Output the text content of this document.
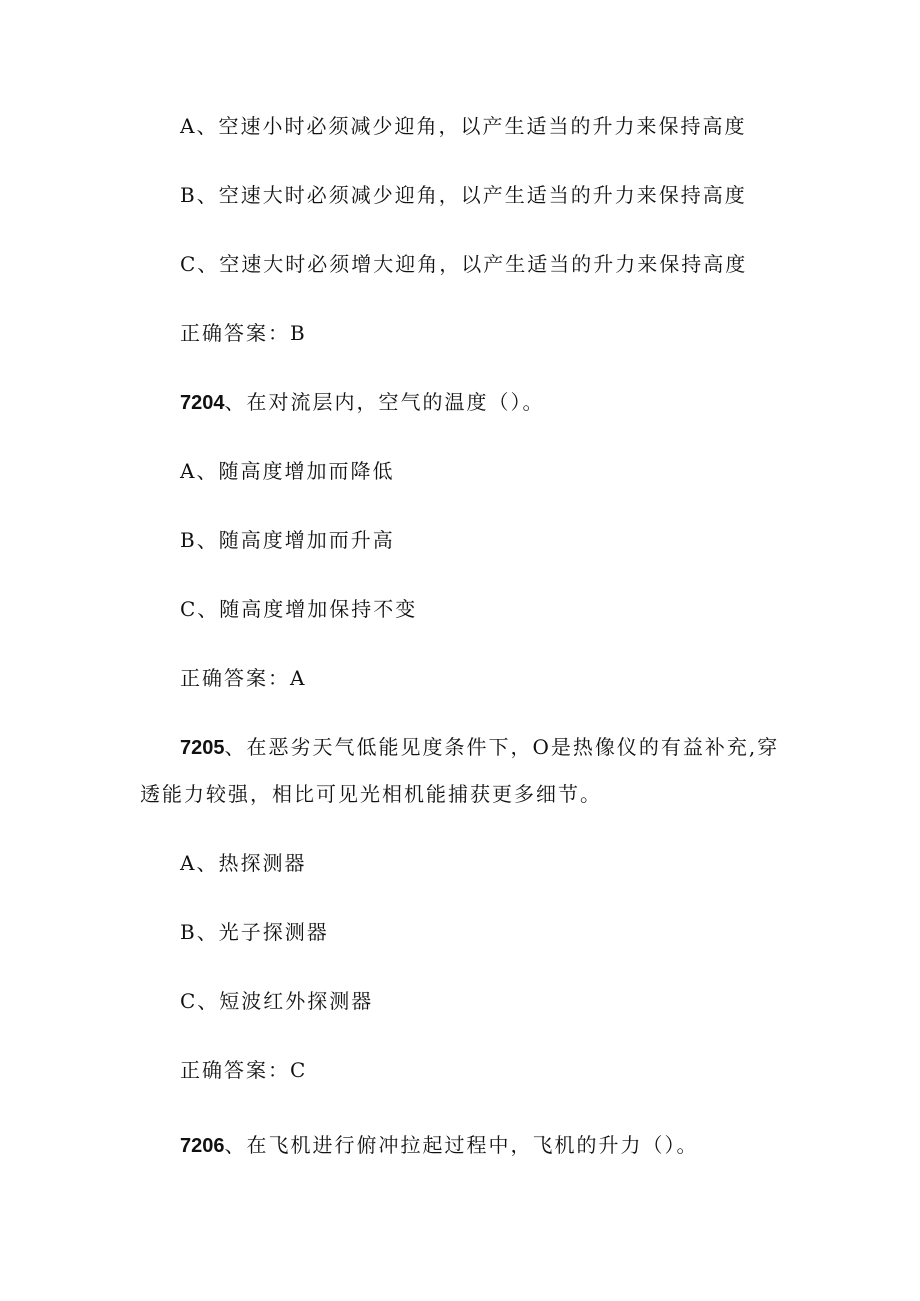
A、空速小时必须减少迎角，以产生适当的升力来保持高度
B、空速大时必须减少迎角，以产生适当的升力来保持高度
C、空速大时必须增大迎角，以产生适当的升力来保持高度
正确答案：B
7204、在对流层内，空气的温度（）。
A、随高度增加而降低
B、随高度增加而升高
C、随高度增加保持不变
正确答案：A
7205、在恶劣天气低能见度条件下，O是热像仪的有益补充,穿
透能力较强，相比可见光相机能捕获更多细节。
A、热探测器
B、光子探测器
C、短波红外探测器
正确答案：C
7206、在飞机进行俯冲拉起过程中，飞机的升力（）。
